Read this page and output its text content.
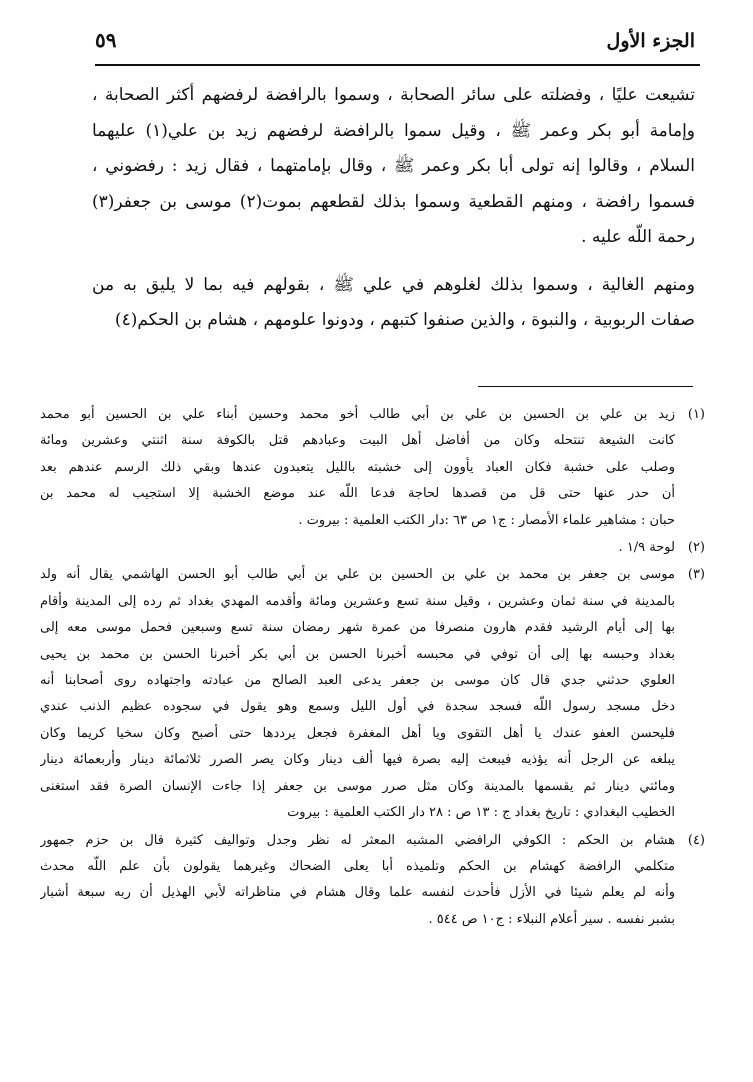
الجزء الأول
٥٩

تشيعت عليًا ، وفضلته على سائر الصحابة ، وسموا بالرافضة لرفضهم أكثر الصحابة ،
وإمامة أبو بكر وعمر ﷺ ، وقيل سموا بالرافضة لرفضهم زيد بن علي(١) عليهما
السلام ، وقالوا إنه تولى أبا بكر وعمر ﷺ ، وقال بإمامتهما ، فقال زيد : رفضوني ،
فسموا رافضة ، ومنهم القطعية وسموا بذلك لقطعهم بموت(٢) موسى بن جعفر(٣)
رحمة اللّه عليه .

ومنهم الغالية ، وسموا بذلك لغلوهم في علي ﷺ ، بقولهم فيه بما لا يليق به من
صفات الربوبية ، والنبوة ، والذين صنفوا كتبهم ، ودونوا علومهم ، هشام بن الحكم(٤)

(١)
زيد بن علي بن الحسين بن علي بن أبي طالب أخو محمد وحسين أبناء علي بن الحسين أبو محمد
كانت الشيعة تنتحله وكان من أفاضل أهل البيت وعبادهم قتل بالكوفة سنة اثنتي وعشرين ومائة
وصلب على خشبة فكان العباد يأوون إلى خشبته بالليل يتعبدون عندها وبقي ذلك الرسم عندهم بعد
أن حدر عنها حتى قل من قصدها لحاجة فدعا اللّه عند موضع الخشبة إلا استجيب له محمد بن
حبان : مشاهير علماء الأمصار : ج١ ص ٦٣ :دار الكتب العلمية : بيروت .
(٢)
لوحة ١/٩ .
(٣)
موسى بن جعفر بن محمد بن علي بن الحسين بن علي بن أبي طالب أبو الحسن الهاشمي يقال أنه ولد
بالمدينة في سنة ثمان وعشرين ، وقيل سنة تسع وعشرين ومائة وأقدمه المهدي بغداد ثم رده إلى المدينة وأقام
بها إلى أيام الرشيد فقدم هارون منصرفا من عمرة شهر رمضان سنة تسع وسبعين فحمل موسى معه إلى
بغداد وحبسه بها إلى أن توفي في محبسه أخبرنا الحسن بن أبي بكر أخبرنا الحسن بن محمد بن يحيى
العلوي حدثني جدي قال كان موسى بن جعفر يدعى العبد الصالح من عبادته واجتهاده روى أصحابنا أنه
دخل مسجد رسول اللّه فسجد سجدة في أول الليل وسمع وهو يقول في سجوده عظيم الذنب عندي
فليحسن العفو عندك يا أهل التقوى ويا أهل المغفرة فجعل يرددها حتى أصبح وكان سخيا كريما وكان
يبلغه عن الرجل أنه يؤذيه فيبعث إليه بصرة فيها ألف دينار وكان يصر الصرر ثلاثمائة دينار وأربعمائة دينار
ومائتي دينار ثم يقسمها بالمدينة وكان مثل صرر موسى بن جعفر إذا جاءت الإنسان الصرة فقد استغنى
الخطيب البغدادي : تاريخ بغداد ج : ١٣ ص : ٢٨ دار الكتب العلمية : بيروت
(٤)
هشام بن الحكم : الكوفي الرافضي المشبه المعثر له نظر وجدل وتواليف كثيرة قال بن حزم جمهور
متكلمي الرافضة كهشام بن الحكم وتلميذه أبا يعلى الضحاك وغيرهما يقولون بأن علم اللّه محدث
وأنه لم يعلم شيئا في الأزل فأحدث لنفسه علما وقال هشام في مناظراته لأبي الهذيل أن ربه سبعة أشبار
بشبر نفسه . سير أعلام النبلاء : ج١٠ ص ٥٤٤ .
